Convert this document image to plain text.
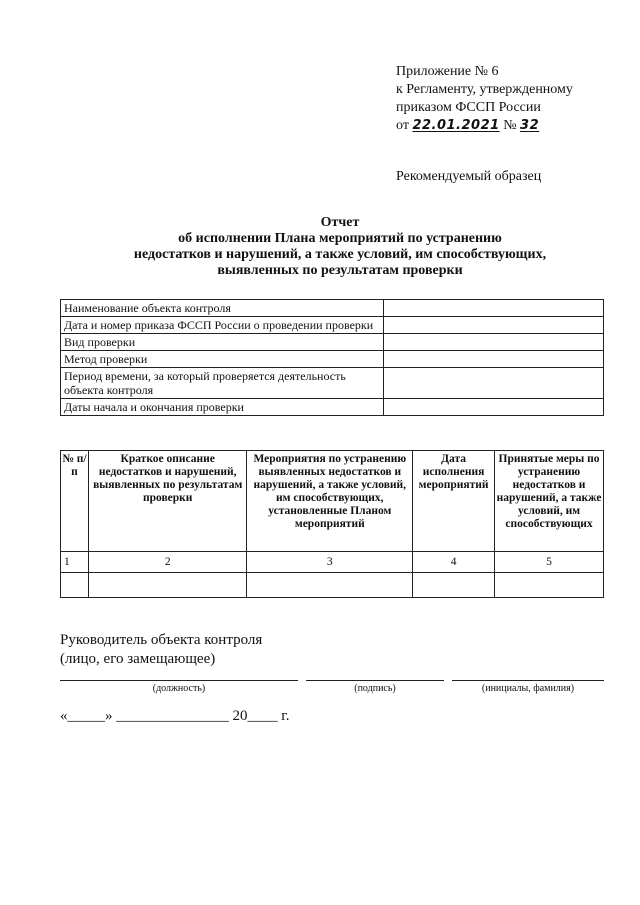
Приложение № 6
к Регламенту, утвержденному
приказом ФССП России
от 22.01.2021 № 32
Рекомендуемый образец
Отчет
об исполнении Плана мероприятий по устранению
недостатков и нарушений, а также условий, им способствующих,
выявленных по результатам проверки
Наименование объекта контроля	
Дата и номер приказа ФССП России о проведении проверки	
Вид проверки	
Метод проверки	
Период времени, за который проверяется деятельность объекта контроля	
Даты начала и окончания проверки	
№ п/п	Краткое описание недостатков и нарушений, выявленных по результатам проверки	Мероприятия по устранению выявленных недостатков и нарушений, а также условий, им способствующих, установленные Планом мероприятий	Дата исполнения мероприятий	Принятые меры по устранению недостатков и нарушений, а также условий, им способствующих
1	2	3	4	5

Руководитель объекта контроля
(лицо, его замещающее)
(должность)	(подпись)	(инициалы, фамилия)
«_____» _______________ 20____ г.
